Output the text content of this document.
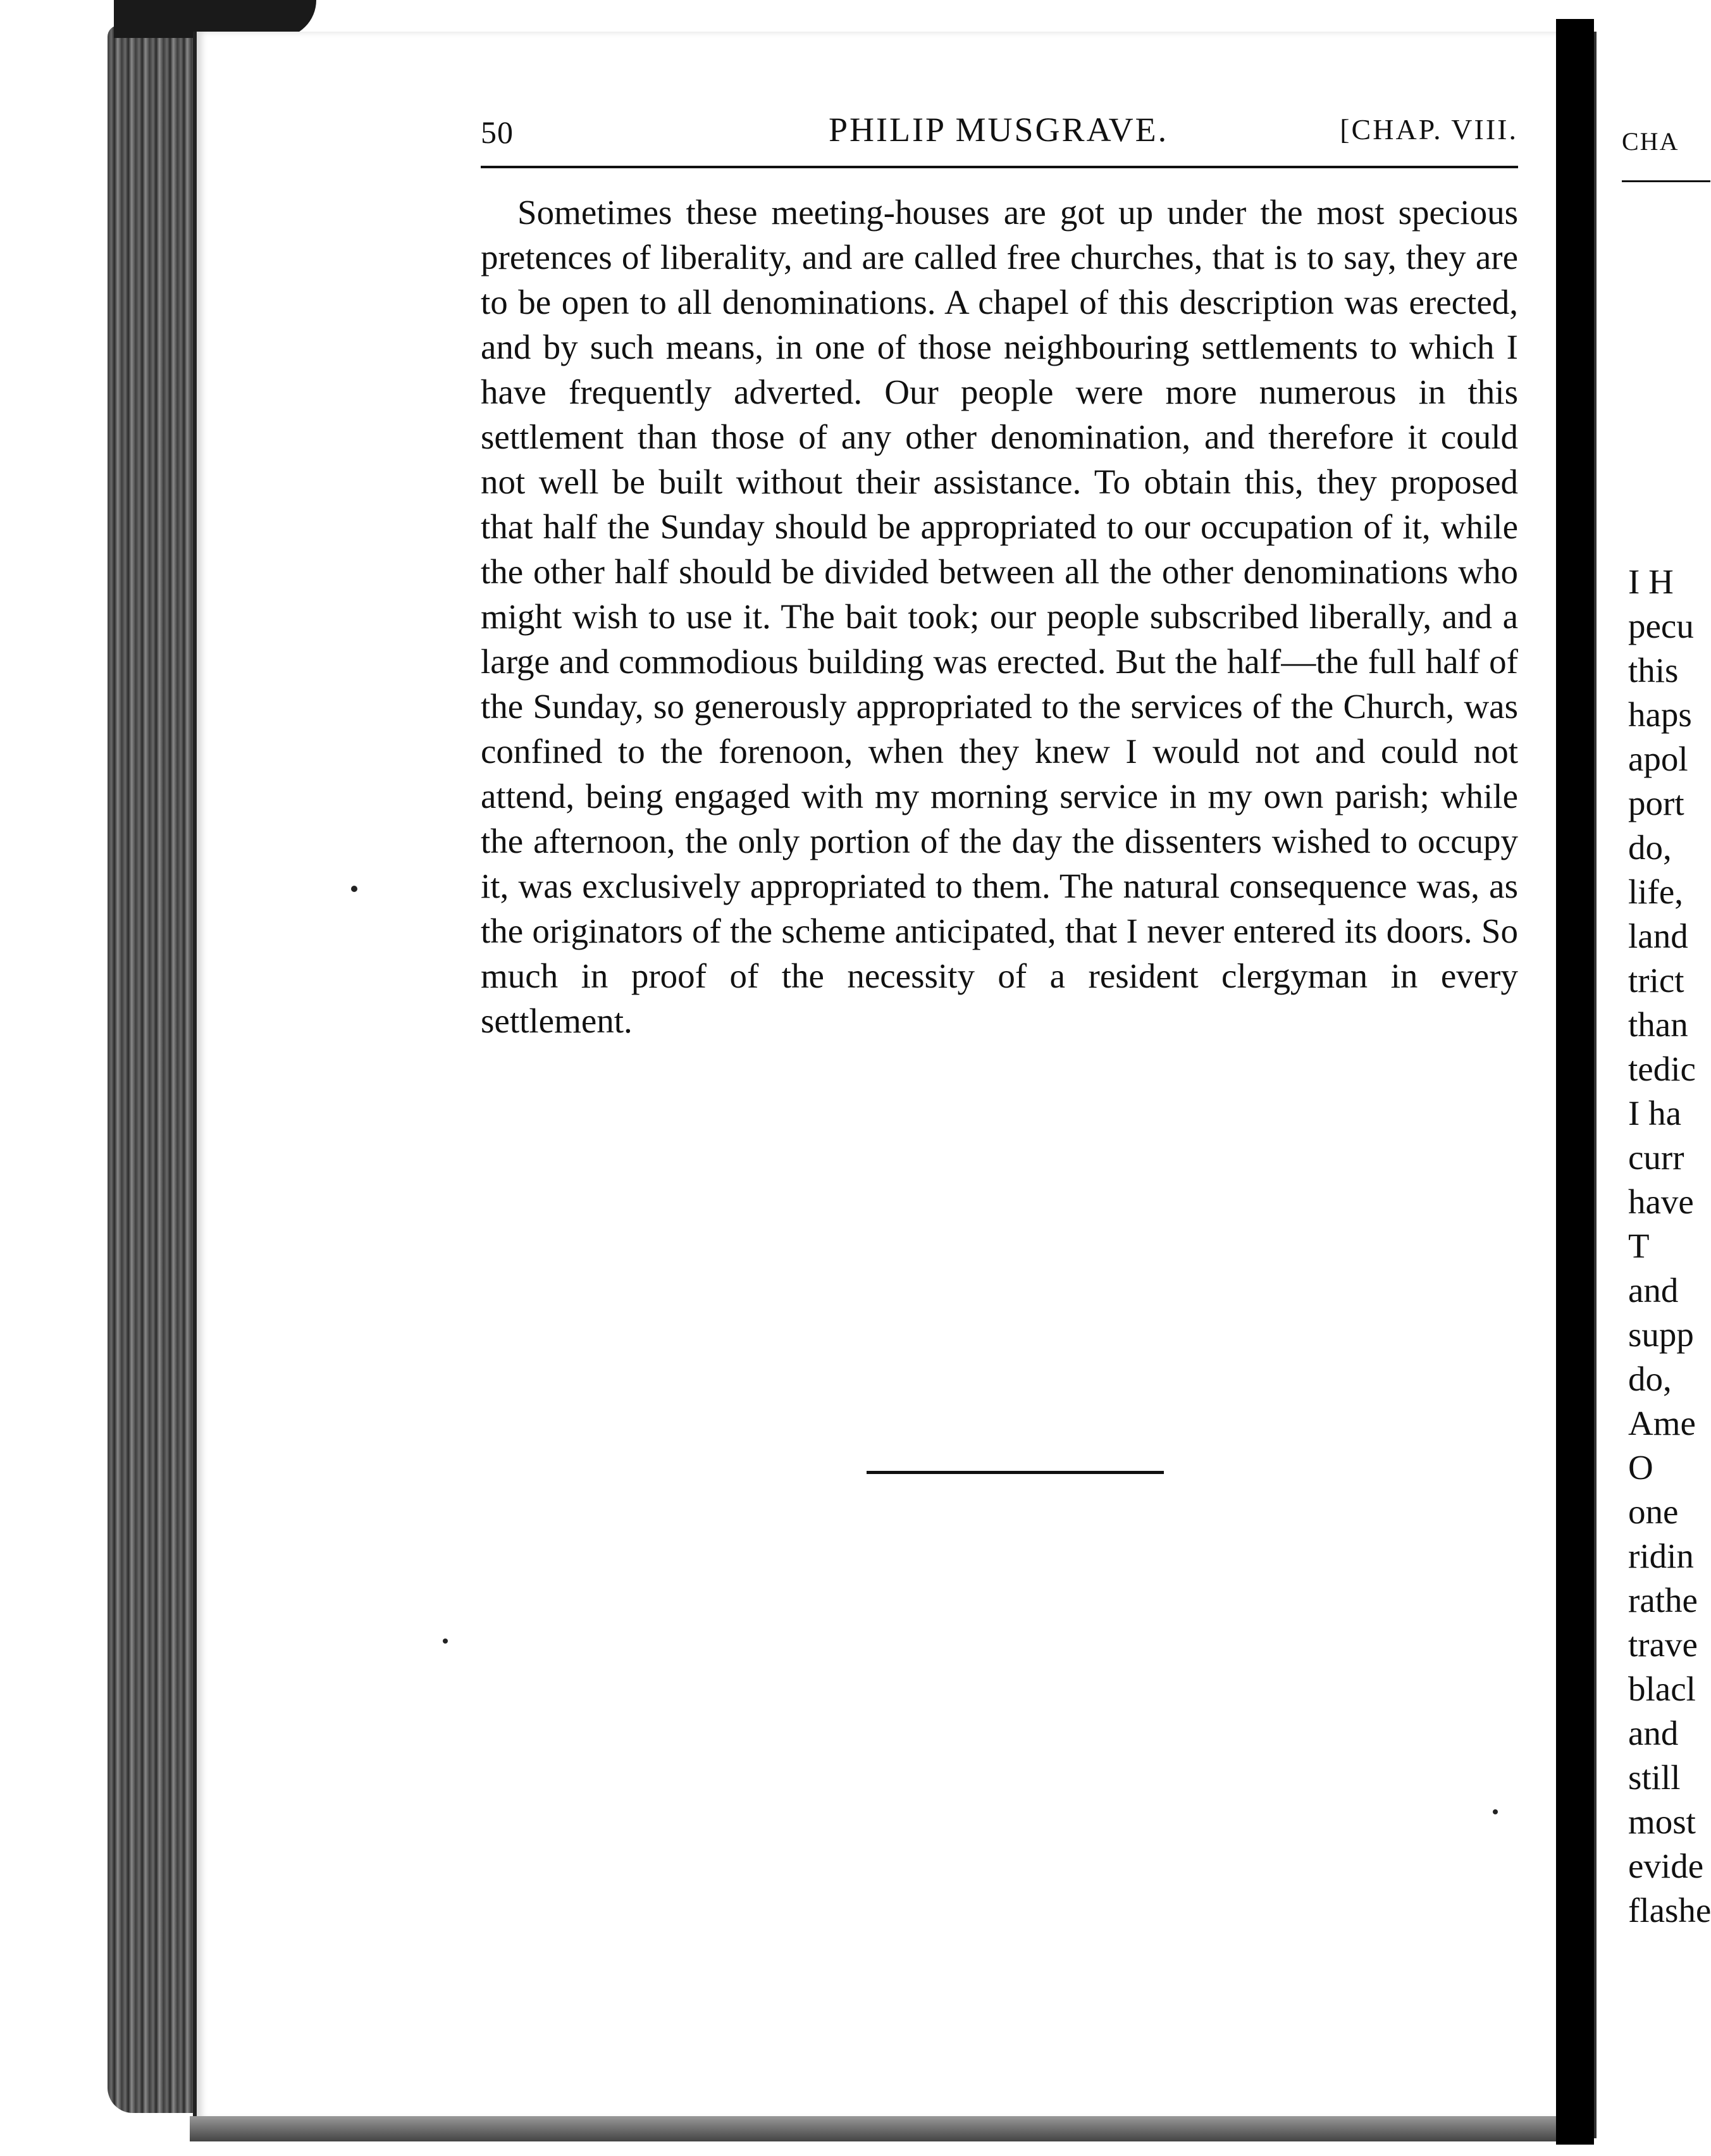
50	PHILIP MUSGRAVE.	[CHAP. VIII.

Sometimes these meeting-houses are got up under the most specious pretences of liberality, and are called free churches, that is to say, they are to be open to all denominations. A chapel of this description was erected, and by such means, in one of those neighbouring settlements to which I have frequently adverted. Our people were more numerous in this settlement than those of any other denomination, and therefore it could not well be built without their assistance. To obtain this, they proposed that half the Sunday should be appropriated to our occupation of it, while the other half should be divided between all the other denominations who might wish to use it. The bait took; our people subscribed liberally, and a large and commodious building was erected. But the half—the full half of the Sunday, so generously appropriated to the services of the Church, was confined to the forenoon, when they knew I would not and could not attend, being engaged with my morning service in my own parish; while the afternoon, the only portion of the day the dissenters wished to occupy it, was exclusively appropriated to them. The natural consequence was, as the originators of the scheme anticipated, that I never entered its doors. So much in proof of the necessity of a resident clergyman in every settlement.

CHA
I H
pecu
this
haps
apol
port
do,
life,
land
trict
than
tedic
I ha
curr
have
T
and
supp
do,
Ame
O
one
ridin
rathe
trave
blacl
and
still
most
evide
flashe
